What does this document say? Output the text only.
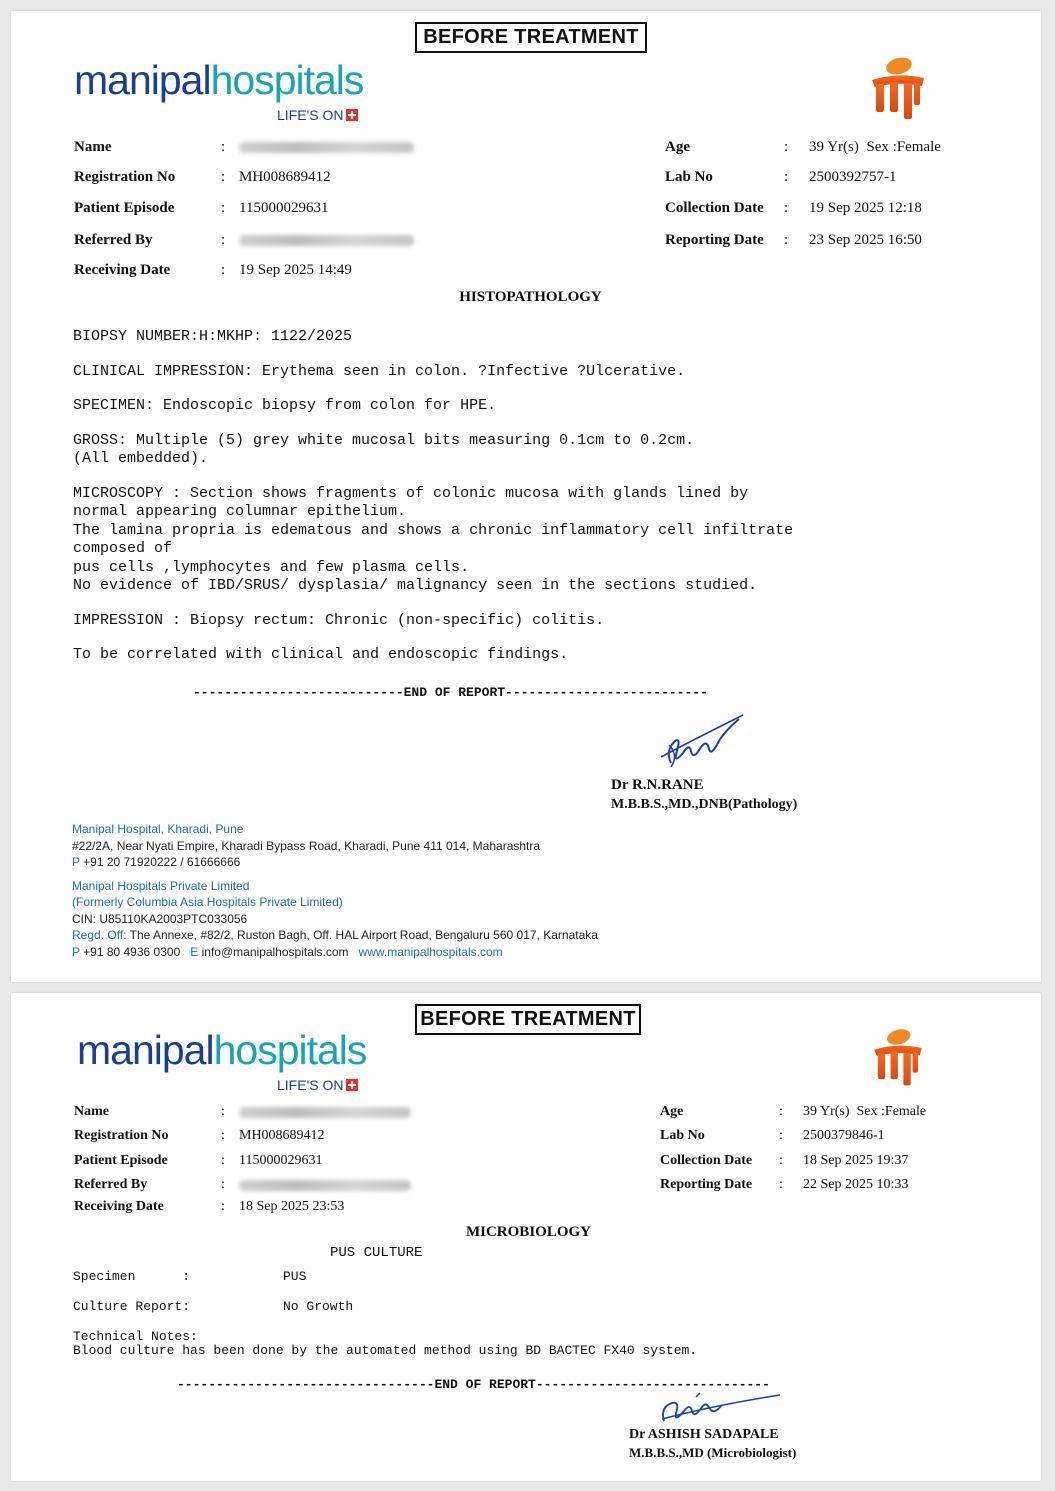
BEFORE TREATMENT
manipalhospitals
LIFE'S ON
Name	:
Registration No	: MH008689412
Patient Episode	: 115000029631
Referred By	:
Receiving Date	: 19 Sep 2025 14:49
Age	: 39 Yr(s)  Sex :Female
Lab No	: 2500392757-1
Collection Date : 19 Sep 2025 12:18
Reporting Date : 23 Sep 2025 16:50
HISTOPATHOLOGY
BIOPSY NUMBER:H:MKHP: 1122/2025
CLINICAL IMPRESSION: Erythema seen in colon. ?Infective ?Ulcerative.
SPECIMEN: Endoscopic biopsy from colon for HPE.
GROSS: Multiple (5) grey white mucosal bits measuring 0.1cm to 0.2cm.
(All embedded).
MICROSCOPY : Section shows fragments of colonic mucosa with glands lined by
normal appearing columnar epithelium.
The lamina propria is edematous and shows a chronic inflammatory cell infiltrate
composed of
pus cells ,lymphocytes and few plasma cells.
No evidence of IBD/SRUS/ dysplasia/ malignancy seen in the sections studied.
IMPRESSION : Biopsy rectum: Chronic (non-specific) colitis.
To be correlated with clinical and endoscopic findings.
---------------------------END OF REPORT--------------------------
Dr R.N.RANE
M.B.B.S.,MD.,DNB(Pathology)
Manipal Hospital, Kharadi, Pune
#22/2A, Near Nyati Empire, Kharadi Bypass Road, Kharadi, Pune 411 014, Maharashtra
P +91 20 71920222 / 61666666
Manipal Hospitals Private Limited
(Formerly Columbia Asia Hospitals Private Limited)
CIN: U85110KA2003PTC033056
Regd. Off: The Annexe, #82/2, Ruston Bagh, Off. HAL Airport Road, Bengaluru 560 017, Karnataka
P +91 80 4936 0300 E info@manipalhospitals.com www.manipalhospitals.com
BEFORE TREATMENT
manipalhospitals
LIFE'S ON
Name	:
Registration No	: MH008689412
Patient Episode	: 115000029631
Referred By	:
Receiving Date	: 18 Sep 2025 23:53
Age	: 39 Yr(s)  Sex :Female
Lab No	: 2500379846-1
Collection Date : 18 Sep 2025 19:37
Reporting Date : 22 Sep 2025 10:33
MICROBIOLOGY
PUS CULTURE
Specimen      :	PUS
Culture Report:	No Growth
Technical Notes:
Blood culture has been done by the automated method using BD BACTEC FX40 system.
---------------------------------END OF REPORT------------------------------
Dr ASHISH SADAPALE
M.B.B.S.,MD (Microbiologist)
